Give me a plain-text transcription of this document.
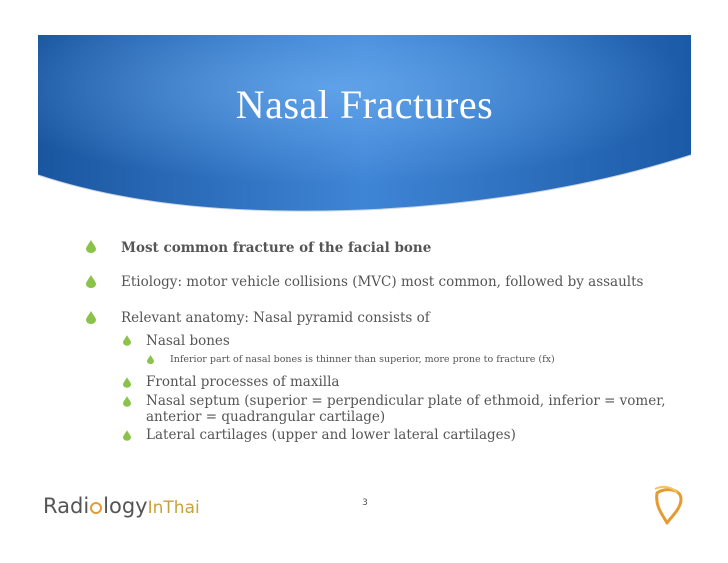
Nasal Fractures
Most common fracture of the facial bone
Etiology: motor vehicle collisions (MVC) most common, followed by assaults
Relevant anatomy: Nasal pyramid consists of
Nasal bones
Inferior part of nasal bones is thinner than superior, more prone to fracture (fx)
Frontal processes of maxilla
Nasal septum (superior = perpendicular plate of ethmoid, inferior = vomer,
anterior = quadrangular cartilage)
Lateral cartilages (upper and lower lateral cartilages)
Radi logyInThai	3
